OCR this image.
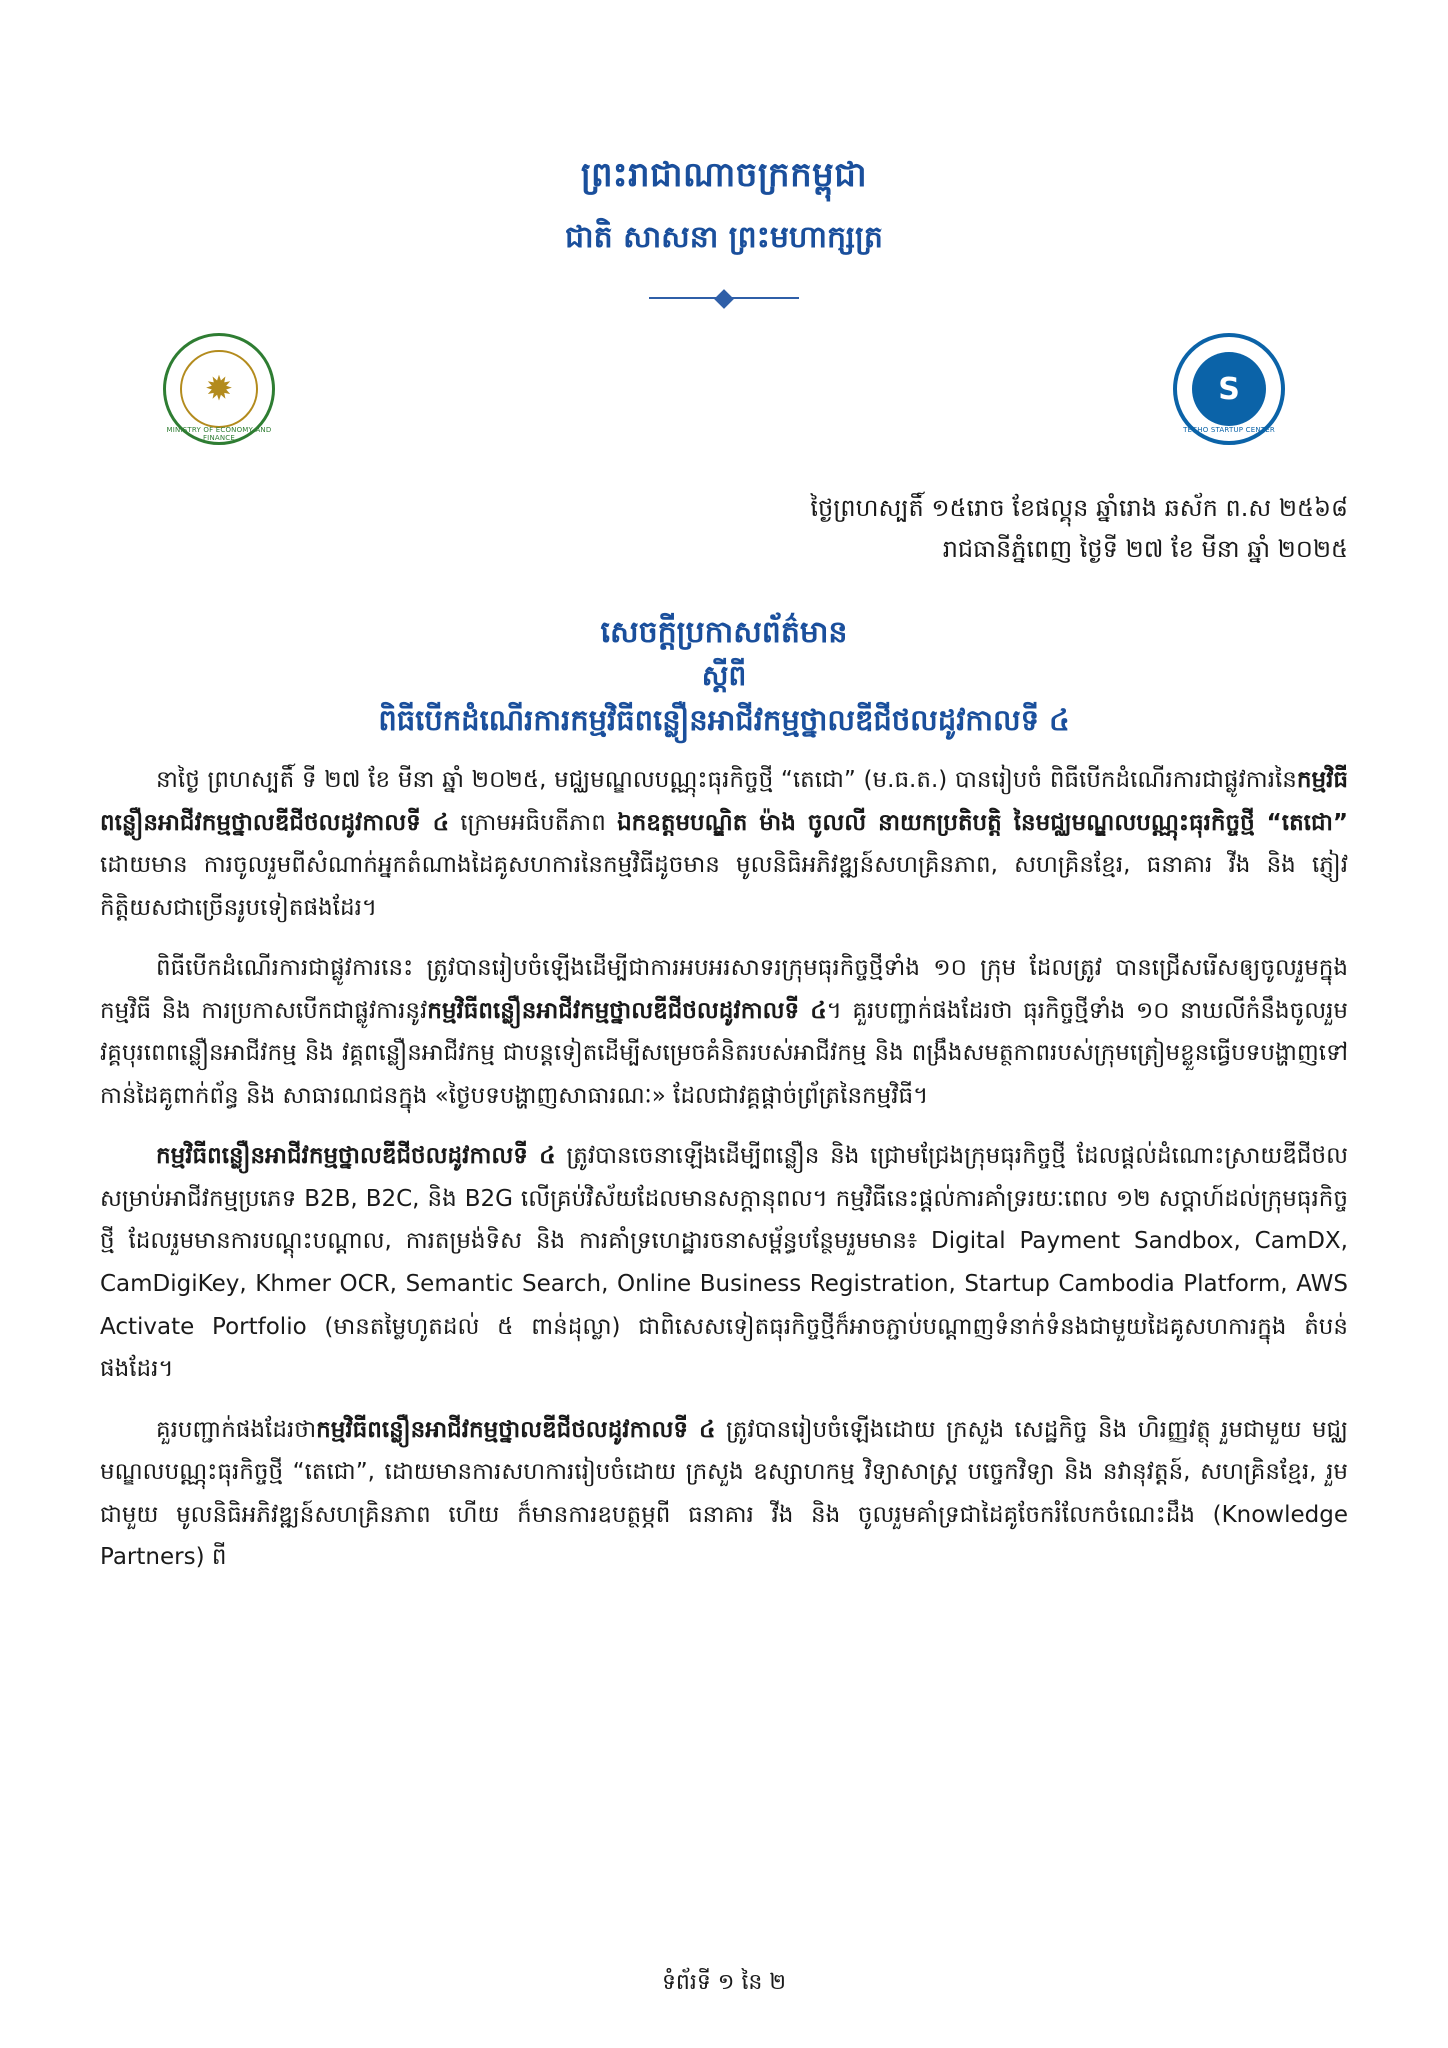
ព្រះរាជាណាចក្រកម្ពុជា
ជាតិ សាសនា ព្រះមហាក្សត្រ
✹
MINISTRY OF ECONOMY AND FINANCE
S
TECHO STARTUP CENTER
ថ្ងៃព្រហស្បតិ៍ ១៥រោច ខែផល្គុន ឆ្នាំរោង ឆស័ក ព.ស ២៥៦៨
រាជធានីភ្នំពេញ ថ្ងៃទី ២៧ ខែ មីនា ឆ្នាំ ២០២៥
សេចក្តីប្រកាសព័ត៌មាន
ស្តីពី
ពិធីបើកដំណើរការកម្មវិធីពន្លឿនអាជីវកម្មថ្នាលឌីជីថលដូវកាលទី ៤

នាថ្ងៃ ព្រហស្បតិ៍ ទី ២៧ ខែ មីនា ឆ្នាំ ២០២៥, មជ្ឈមណ្ឌលបណ្ណុះធុរកិច្ចថ្មី “តេជោ” (ម.ធ.ត.) បានរៀបចំ ពិធីបើកដំណើរការជាផ្លូវការនៃកម្មវិធីពន្លឿនអាជីវកម្មថ្នាលឌីជីថលដូវកាលទី ៤ ក្រោមអធិបតីភាព ឯកឧត្តមបណ្ឌិត ម៉ាង ចូលលី នាយកប្រតិបត្តិ នៃមជ្ឈមណ្ឌលបណ្ណុះធុរកិច្ចថ្មី “តេជោ” ដោយមាន ការចូលរួមពីសំណាក់អ្នកតំណាងដៃគូសហការនៃកម្មវិធីដូចមាន មូលនិធិអភិវឌ្ឍន៍សហគ្រិនភាព, សហគ្រិនខ្មែរ, ធនាគារ វីង និង ភ្ញៀវកិត្តិយសជាច្រើនរូបទៀតផងដែរ។

ពិធីបើកដំណើរការជាផ្លូវការនេះ ត្រូវបានរៀបចំឡើងដើម្បីជាការអបអរសាទរក្រុមធុរកិច្ចថ្មីទាំង ១០ ក្រុម ដែលត្រូវ បានជ្រើសរើសឲ្យចូលរួមក្នុងកម្មវិធី និង ការប្រកាសបើកជាផ្លូវការនូវកម្មវិធីពន្លឿនអាជីវកម្មថ្នាលឌីជីថលដូវកាលទី ៤។ គួរបញ្ជាក់ផងដែរថា ធុរកិច្ចថ្មីទាំង ១០ នាឃលីកំនឹងចូលរួមវគ្គបុរពេពន្លឿនអាជីវកម្ម និង វគ្គពន្លឿនអាជីវកម្ម ជាបន្តទៀតដើម្បីសម្រេចគំនិតរបស់អាជីវកម្ម និង ពង្រឹងសមត្ថកាពរបស់ក្រុមត្រៀមខ្លួនធ្វើបទបង្ហាញទៅកាន់ដៃគូពាក់ព័ន្ធ និង សាធារណជនក្នុង «ថ្ងៃបទបង្ហាញសាធារណៈ» ដែលជាវគ្គផ្តាច់ព្រ័ត្រនៃកម្មវិធី។

កម្មវិធីពន្លឿនអាជីវកម្មថ្នាលឌីជីថលដូវកាលទី ៤ ត្រូវបានចេនាឡើងដើម្បីពន្លឿន និង ជ្រោមជ្រែងក្រុមធុរកិច្ចថ្មី ដែលផ្តល់ដំណោះស្រាយឌីជីថលសម្រាប់អាជីវកម្មប្រភេទ B2B, B2C, និង B2G លើគ្រប់វិស័យដែលមានសក្តានុពល។ កម្មវិធីនេះផ្តល់ការគាំទ្ររយៈពេល ១២ សប្តាហ៍ដល់ក្រុមធុរកិច្ចថ្មី ដែលរួមមានការបណ្តុះបណ្តាល, ការតម្រង់ទិស និង ការគាំទ្រហេដ្ឋារចនាសម្ព័ន្ធបន្ថែមរួមមាន៖ Digital Payment Sandbox, CamDX, CamDigiKey, Khmer OCR, Semantic Search, Online Business Registration, Startup Cambodia Platform, AWS Activate Portfolio (មានតម្លៃហូតដល់ ៥ ពាន់ដុល្លា) ជាពិសេសទៀតធុរកិច្ចថ្មីក៏អាចភ្ជាប់បណ្តាញទំនាក់ទំនងជាមួយដៃគូសហការក្នុង តំបន់ផងដែរ។

គួរបញ្ជាក់ផងដែរថាកម្មវិធីពន្លឿនអាជីវកម្មថ្នាលឌីជីថលដូវកាលទី ៤ ត្រូវបានរៀបចំឡើងដោយ ក្រសួង សេដ្ឋកិច្ច និង ហិរញ្ញវត្ថុ រួមជាមួយ មជ្ឈមណ្ឌលបណ្ណុះធុរកិច្ចថ្មី “តេជោ”, ដោយមានការសហការរៀបចំដោយ ក្រសួង ឧស្សាហកម្ម វិទ្យាសាស្ត្រ បច្ចេកវិទ្យា និង នវានុវត្តន៍, សហគ្រិនខ្មែរ, រួមជាមួយ មូលនិធិអភិវឌ្ឍន៍សហគ្រិនភាព ហើយ ក៏មានការឧបត្ថម្ភពី ធនាគារ វីង និង ចូលរួមគាំទ្រជាដៃគូចែករំលែកចំណេះដឹង (Knowledge Partners) ពី

ទំព័រទី ១ នៃ ២
